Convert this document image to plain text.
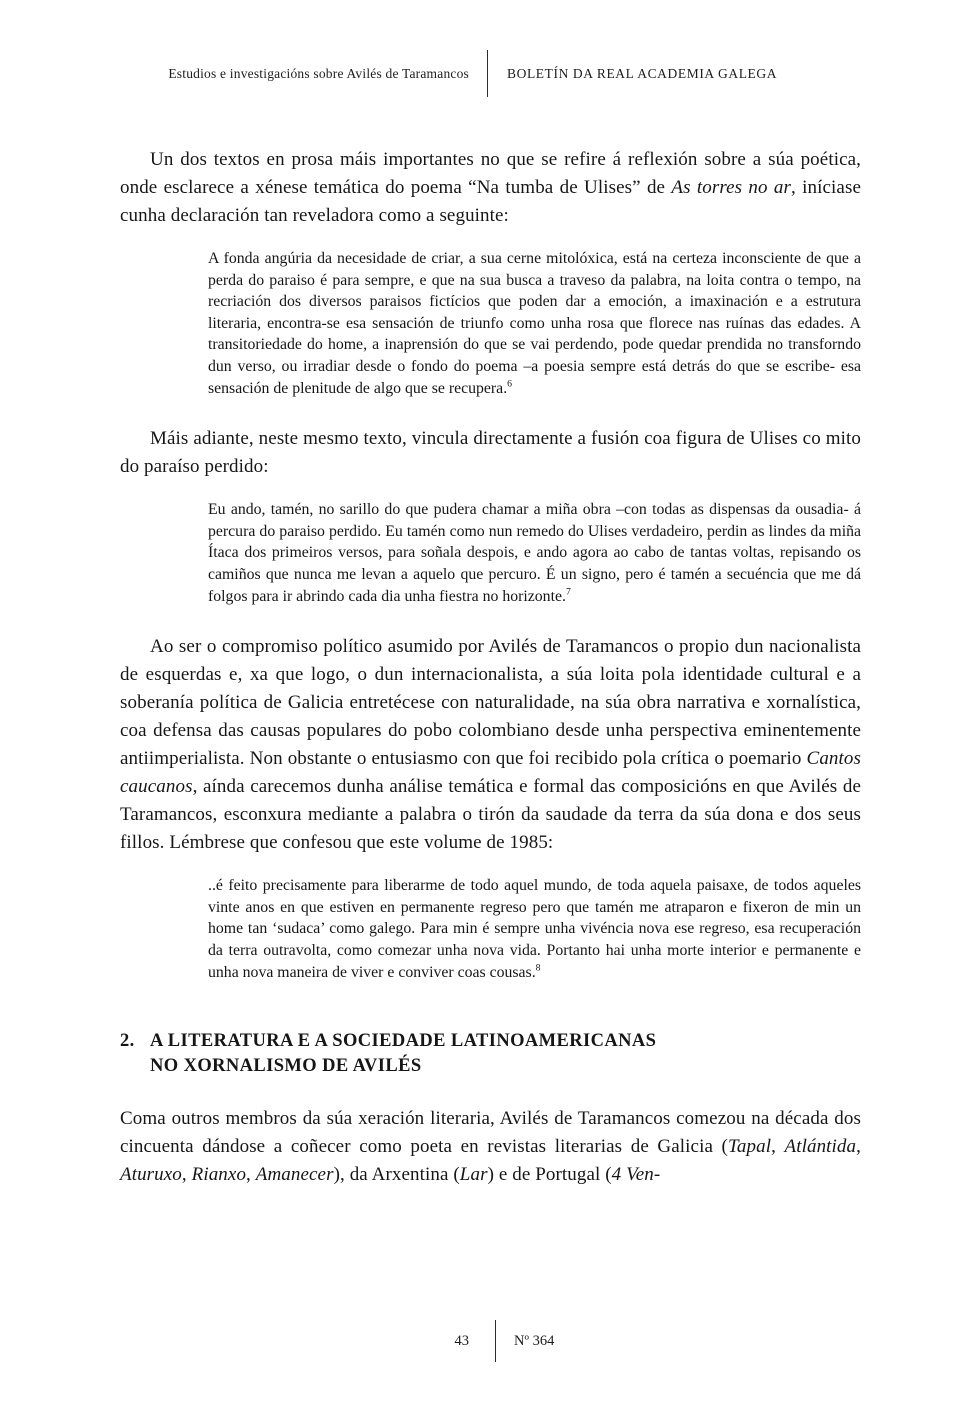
Estudios e investigacións sobre Avilés de Taramancos	BOLETÍN DA REAL ACADEMIA GALEGA

Un dos textos en prosa máis importantes no que se refire á reflexión sobre a súa poética, onde esclarece a xénese temática do poema “Na tumba de Ulises” de As torres no ar, iníciase cunha declaración tan reveladora como a seguinte:

A fonda angúria da necesidade de criar, a sua cerne mitolóxica, está na certeza inconsciente de que a perda do paraiso é para sempre, e que na sua busca a traveso da palabra, na loita contra o tempo, na recriación dos diversos paraisos fictícios que poden dar a emoción, a imaxinación e a estrutura literaria, encontra-se esa sensación de triunfo como unha rosa que florece nas ruínas das edades. A transitoriedade do home, a inaprensión do que se vai perdendo, pode quedar prendida no transforndo dun verso, ou irradiar desde o fondo do poema –a poesia sempre está detrás do que se escribe- esa sensación de plenitude de algo que se recupera.$^6$

Máis adiante, neste mesmo texto, vincula directamente a fusión coa figura de Ulises co mito do paraíso perdido:

Eu ando, tamén, no sarillo do que pudera chamar a miña obra –con todas as dispensas da ousadia- á percura do paraiso perdido. Eu tamén como nun remedo do Ulises verdadeiro, perdin as lindes da miña Ítaca dos primeiros versos, para soñala despois, e ando agora ao cabo de tantas voltas, repisando os camiños que nunca me levan a aquelo que percuro. É un signo, pero é tamén a secuéncia que me dá folgos para ir abrindo cada dia unha fiestra no horizonte.$^7$

Ao ser o compromiso político asumido por Avilés de Taramancos o propio dun nacionalista de esquerdas e, xa que logo, o dun internacionalista, a súa loita pola identidade cultural e a soberanía política de Galicia entretécese con naturalidade, na súa obra narrativa e xornalística, coa defensa das causas populares do pobo colombiano desde unha perspectiva eminentemente antiimperialista. Non obstante o entusiasmo con que foi recibido pola crítica o poemario Cantos caucanos, aínda carecemos dunha análise temática e formal das composicións en que Avilés de Taramancos, esconxura mediante a palabra o tirón da saudade da terra da súa dona e dos seus fillos. Lémbrese que confesou que este volume de 1985:

..é feito precisamente para liberarme de todo aquel mundo, de toda aquela paisaxe, de todos aqueles vinte anos en que estiven en permanente regreso pero que tamén me atraparon e fixeron de min un home tan ‘sudaca’ como galego. Para min é sempre unha vivéncia nova ese regreso, esa recuperación da terra outravolta, como comezar unha nova vida. Portanto hai unha morte interior e permanente e unha nova maneira de viver e conviver coas cousas.$^8$

2. A LITERATURA E A SOCIEDADE LATINOAMERICANAS
NO XORNALISMO DE AVILÉS

Coma outros membros da súa xeración literaria, Avilés de Taramancos comezou na década dos cincuenta dándose a coñecer como poeta en revistas literarias de Galicia (Tapal, Atlántida, Aturuxo, Rianxo, Amanecer), da Arxentina (Lar) e de Portugal (4 Ven-

43	Nº 364
